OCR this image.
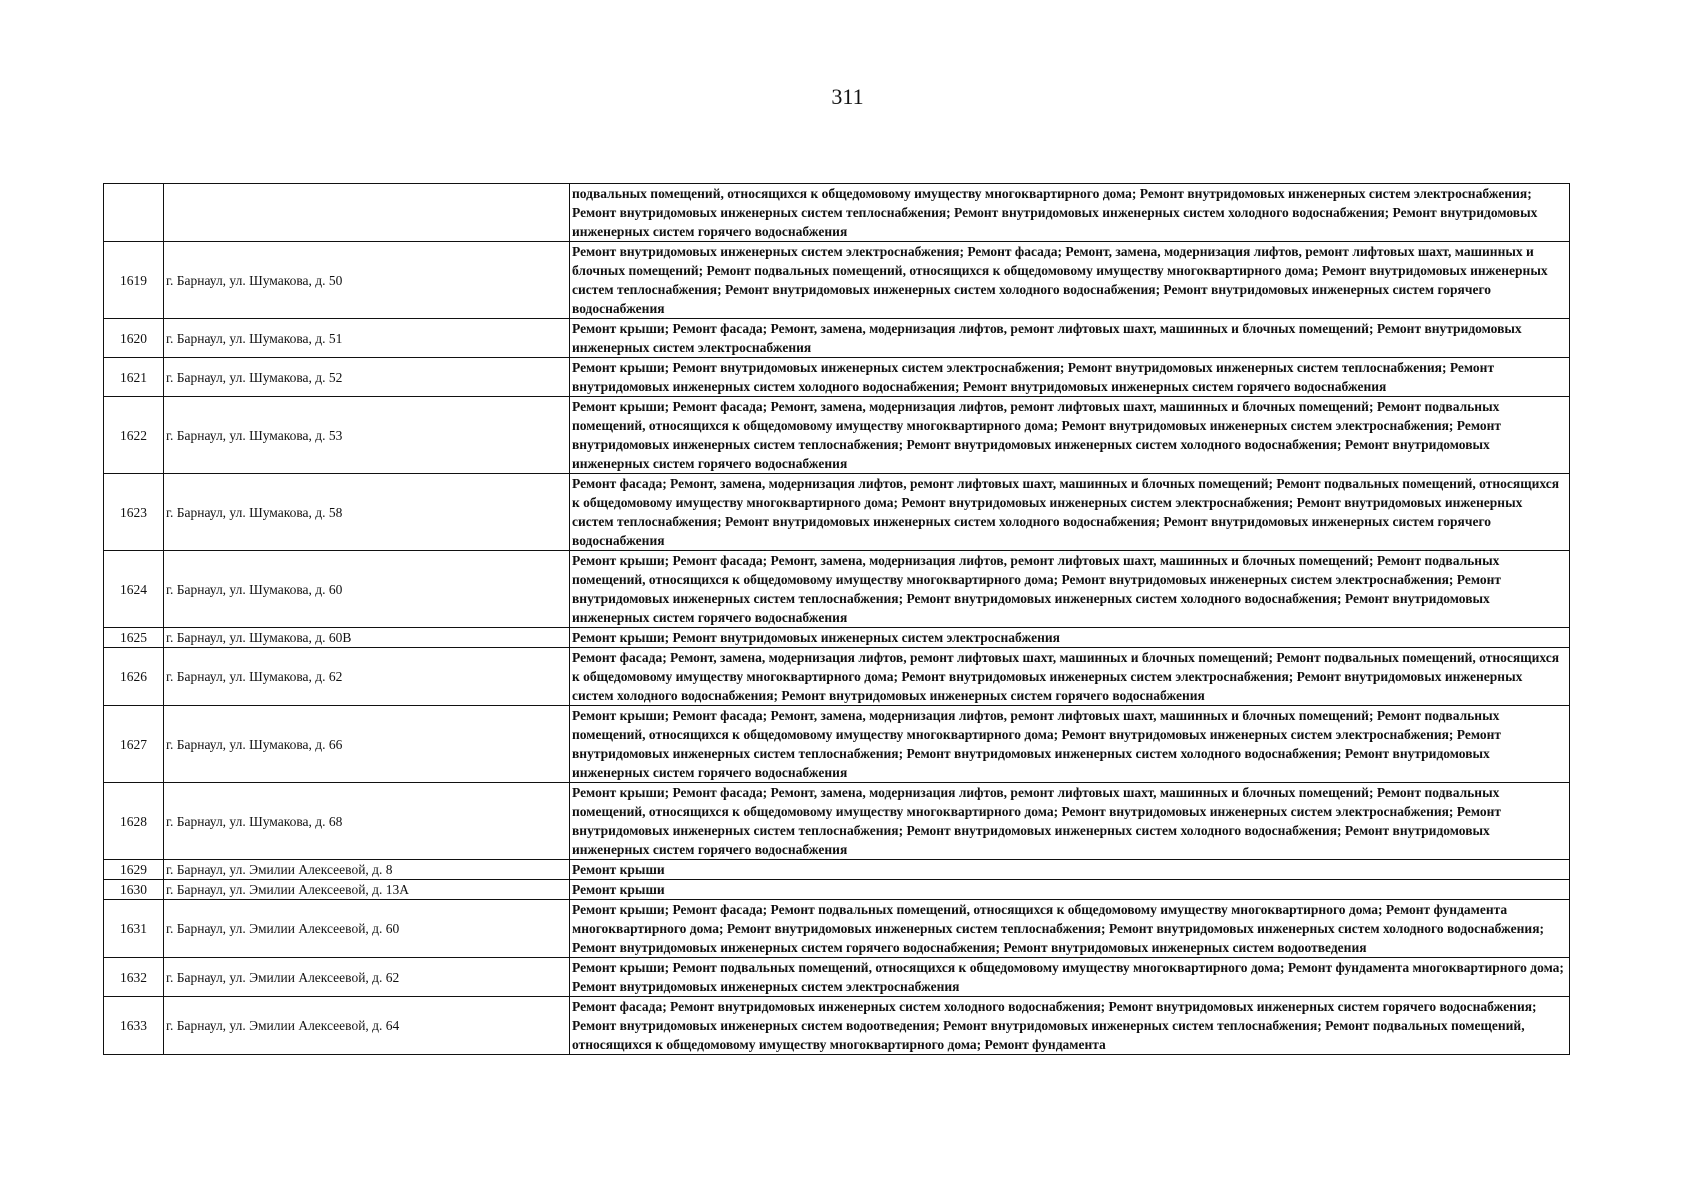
311
		подвальных помещений, относящихся к общедомовому имуществу многоквартирного дома; Ремонт внутридомовых инженерных систем электроснабжения; Ремонт внутридомовых инженерных систем теплоснабжения; Ремонт внутридомовых инженерных систем холодного водоснабжения; Ремонт внутридомовых инженерных систем горячего водоснабжения
1619	г. Барнаул, ул. Шумакова, д. 50	Ремонт внутридомовых инженерных систем электроснабжения; Ремонт фасада; Ремонт, замена, модернизация лифтов, ремонт лифтовых шахт, машинных и блочных помещений; Ремонт подвальных помещений, относящихся к общедомовому имуществу многоквартирного дома; Ремонт внутридомовых инженерных систем теплоснабжения; Ремонт внутридомовых инженерных систем холодного водоснабжения; Ремонт внутридомовых инженерных систем горячего водоснабжения
1620	г. Барнаул, ул. Шумакова, д. 51	Ремонт крыши; Ремонт фасада; Ремонт, замена, модернизация лифтов, ремонт лифтовых шахт, машинных и блочных помещений; Ремонт внутридомовых инженерных систем электроснабжения
1621	г. Барнаул, ул. Шумакова, д. 52	Ремонт крыши; Ремонт внутридомовых инженерных систем электроснабжения; Ремонт внутридомовых инженерных систем теплоснабжения; Ремонт внутридомовых инженерных систем холодного водоснабжения; Ремонт внутридомовых инженерных систем горячего водоснабжения
1622	г. Барнаул, ул. Шумакова, д. 53	Ремонт крыши; Ремонт фасада; Ремонт, замена, модернизация лифтов, ремонт лифтовых шахт, машинных и блочных помещений; Ремонт подвальных помещений, относящихся к общедомовому имуществу многоквартирного дома; Ремонт внутридомовых инженерных систем электроснабжения; Ремонт внутридомовых инженерных систем теплоснабжения; Ремонт внутридомовых инженерных систем холодного водоснабжения; Ремонт внутридомовых инженерных систем горячего водоснабжения
1623	г. Барнаул, ул. Шумакова, д. 58	Ремонт фасада; Ремонт, замена, модернизация лифтов, ремонт лифтовых шахт, машинных и блочных помещений; Ремонт подвальных помещений, относящихся к общедомовому имуществу многоквартирного дома; Ремонт внутридомовых инженерных систем электроснабжения; Ремонт внутридомовых инженерных систем теплоснабжения; Ремонт внутридомовых инженерных систем холодного водоснабжения; Ремонт внутридомовых инженерных систем горячего водоснабжения
1624	г. Барнаул, ул. Шумакова, д. 60	Ремонт крыши; Ремонт фасада; Ремонт, замена, модернизация лифтов, ремонт лифтовых шахт, машинных и блочных помещений; Ремонт подвальных помещений, относящихся к общедомовому имуществу многоквартирного дома; Ремонт внутридомовых инженерных систем электроснабжения; Ремонт внутридомовых инженерных систем теплоснабжения; Ремонт внутридомовых инженерных систем холодного водоснабжения; Ремонт внутридомовых инженерных систем горячего водоснабжения
1625	г. Барнаул, ул. Шумакова, д. 60В	Ремонт крыши; Ремонт внутридомовых инженерных систем электроснабжения
1626	г. Барнаул, ул. Шумакова, д. 62	Ремонт фасада; Ремонт, замена, модернизация лифтов, ремонт лифтовых шахт, машинных и блочных помещений; Ремонт подвальных помещений, относящихся к общедомовому имуществу многоквартирного дома; Ремонт внутридомовых инженерных систем электроснабжения; Ремонт внутридомовых инженерных систем холодного водоснабжения; Ремонт внутридомовых инженерных систем горячего водоснабжения
1627	г. Барнаул, ул. Шумакова, д. 66	Ремонт крыши; Ремонт фасада; Ремонт, замена, модернизация лифтов, ремонт лифтовых шахт, машинных и блочных помещений; Ремонт подвальных помещений, относящихся к общедомовому имуществу многоквартирного дома; Ремонт внутридомовых инженерных систем электроснабжения; Ремонт внутридомовых инженерных систем теплоснабжения; Ремонт внутридомовых инженерных систем холодного водоснабжения; Ремонт внутридомовых инженерных систем горячего водоснабжения
1628	г. Барнаул, ул. Шумакова, д. 68	Ремонт крыши; Ремонт фасада; Ремонт, замена, модернизация лифтов, ремонт лифтовых шахт, машинных и блочных помещений; Ремонт подвальных помещений, относящихся к общедомовому имуществу многоквартирного дома; Ремонт внутридомовых инженерных систем электроснабжения; Ремонт внутридомовых инженерных систем теплоснабжения; Ремонт внутридомовых инженерных систем холодного водоснабжения; Ремонт внутридомовых инженерных систем горячего водоснабжения
1629	г. Барнаул, ул. Эмилии Алексеевой, д. 8	Ремонт крыши
1630	г. Барнаул, ул. Эмилии Алексеевой, д. 13А	Ремонт крыши
1631	г. Барнаул, ул. Эмилии Алексеевой, д. 60	Ремонт крыши; Ремонт фасада; Ремонт подвальных помещений, относящихся к общедомовому имуществу многоквартирного дома; Ремонт фундамента многоквартирного дома; Ремонт внутридомовых инженерных систем теплоснабжения; Ремонт внутридомовых инженерных систем холодного водоснабжения; Ремонт внутридомовых инженерных систем горячего водоснабжения; Ремонт внутридомовых инженерных систем водоотведения
1632	г. Барнаул, ул. Эмилии Алексеевой, д. 62	Ремонт крыши; Ремонт подвальных помещений, относящихся к общедомовому имуществу многоквартирного дома; Ремонт фундамента многоквартирного дома; Ремонт внутридомовых инженерных систем электроснабжения
1633	г. Барнаул, ул. Эмилии Алексеевой, д. 64	Ремонт фасада; Ремонт внутридомовых инженерных систем холодного водоснабжения; Ремонт внутридомовых инженерных систем горячего водоснабжения; Ремонт внутридомовых инженерных систем водоотведения; Ремонт внутридомовых инженерных систем теплоснабжения; Ремонт подвальных помещений, относящихся к общедомовому имуществу многоквартирного дома; Ремонт фундамента
